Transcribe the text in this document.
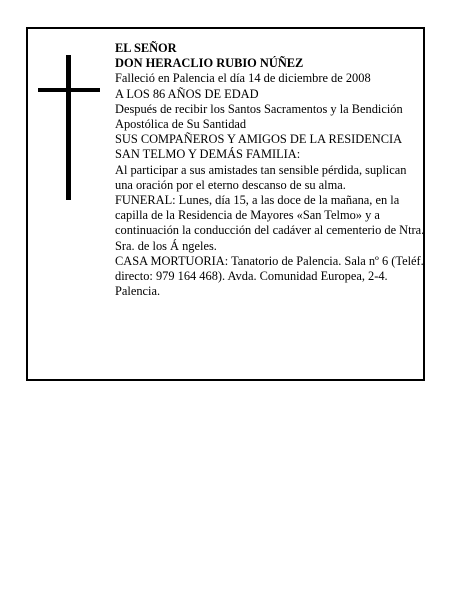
EL SEÑOR

DON HERACLIO RUBIO NÚÑEZ

Falleció en Palencia el día 14 de diciembre de 2008

A LOS 86 AÑOS DE EDAD

Después de recibir los Santos Sacramentos y la Bendición Apostólica de Su Santidad

SUS COMPAÑEROS Y AMIGOS DE LA RESIDENCIA SAN TELMO Y DEMÁS FAMILIA:

Al participar a sus amistades tan sensible pérdida, suplican una oración por el eterno descanso de su alma.

FUNERAL: Lunes, día 15, a las doce de la mañana, en la capilla de la Residencia de Mayores «San Telmo» y a continuación la conducción del cadáver al cementerio de Ntra. Sra. de los Á ngeles.

CASA MORTUORIA: Tanatorio de Palencia. Sala nº 6 (Teléf. directo: 979 164 468). Avda. Comunidad Europea, 2-4. Palencia.
